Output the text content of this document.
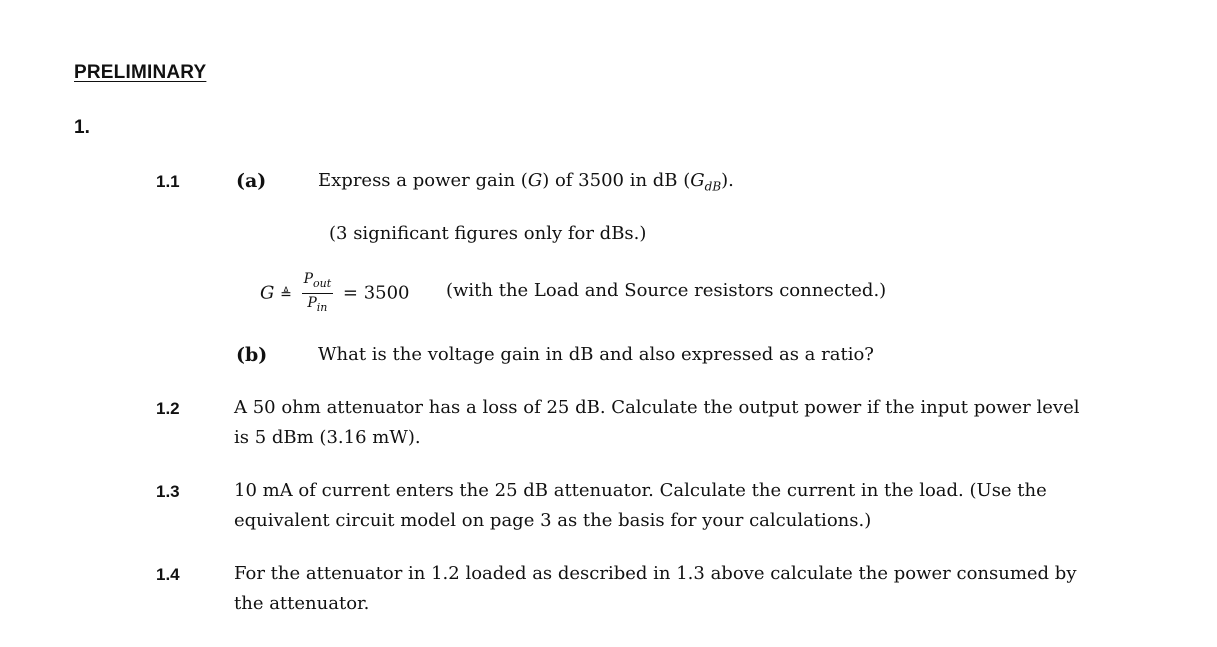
PRELIMINARY
1.
1.1	(a)	Express a power gain (G) of 3500 in dB $(G_{dB})$.
(3 significant figures only for dBs.)
G ≜ $\frac{P_{out}}{P_{in}} = 3500$ (with the Load and Source resistors connected.)
(b)	What is the voltage gain in dB and also expressed as a ratio?
1.2	A 50 ohm attenuator has a loss of 25 dB. Calculate the output power if the input power level is 5 dBm (3.16 mW).
1.3	10 mA of current enters the 25 dB attenuator. Calculate the current in the load. (Use the equivalent circuit model on page 3 as the basis for your calculations.)
1.4	For the attenuator in 1.2 loaded as described in 1.3 above calculate the power consumed by the attenuator.
